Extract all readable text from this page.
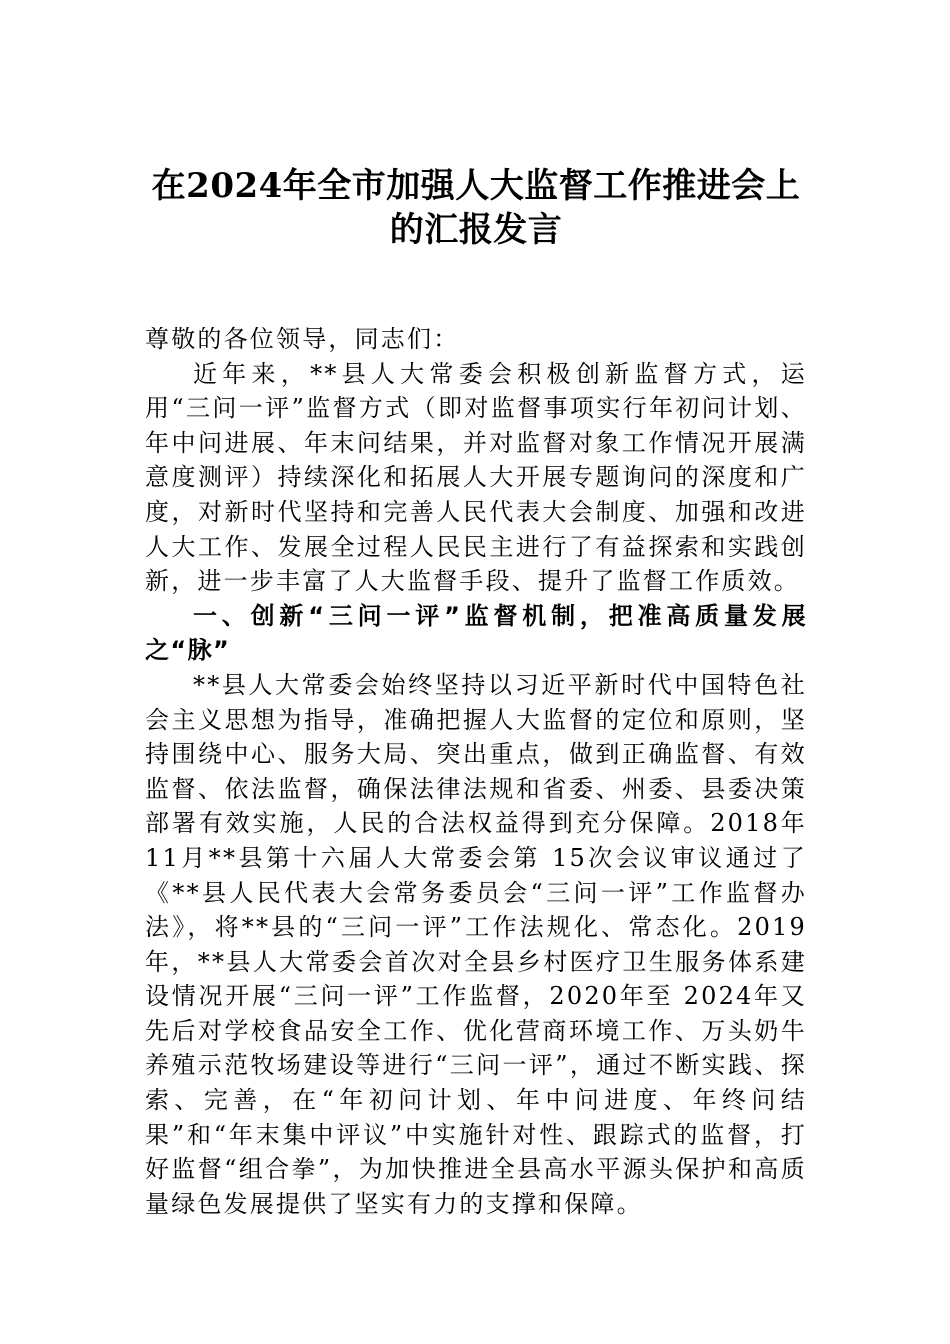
在2024年全市加强人大监督工作推进会上
的汇报发言

尊敬的各位领导，同志们：

近年来，**县人大常委会积极创新监督方式，运用“三问一评”监督方式（即对监督事项实行年初问计划、年中问进展、年末问结果，并对监督对象工作情况开展满意度测评）持续深化和拓展人大开展专题询问的深度和广度，对新时代坚持和完善人民代表大会制度、加强和改进人大工作、发展全过程人民民主进行了有益探索和实践创新，进一步丰富了人大监督手段、提升了监督工作质效。

一、创新“三问一评”监督机制，把准高质量发展之“脉”

**县人大常委会始终坚持以习近平新时代中国特色社会主义思想为指导，准确把握人大监督的定位和原则，坚持围绕中心、服务大局、突出重点，做到正确监督、有效监督、依法监督，确保法律法规和省委、州委、县委决策部署有效实施，人民的合法权益得到充分保障。2018年 11月**县第十六届人大常委会第 15次会议审议通过了《**县人民代表大会常务委员会“三问一评”工作监督办法》，将**县的“三问一评”工作法规化、常态化。2019年，**县人大常委会首次对全县乡村医疗卫生服务体系建设情况开展“三问一评”工作监督，2020年至 2024年又先后对学校食品安全工作、优化营商环境工作、万头奶牛养殖示范牧场建设等进行“三问一评”，通过不断实践、探索、完善，在“年初问计划、年中问进度、年终问结果”和“年末集中评议”中实施针对性、跟踪式的监督，打好监督“组合拳”，为加快推进全县高水平源头保护和高质量绿色发展提供了坚实有力的支撑和保障。
